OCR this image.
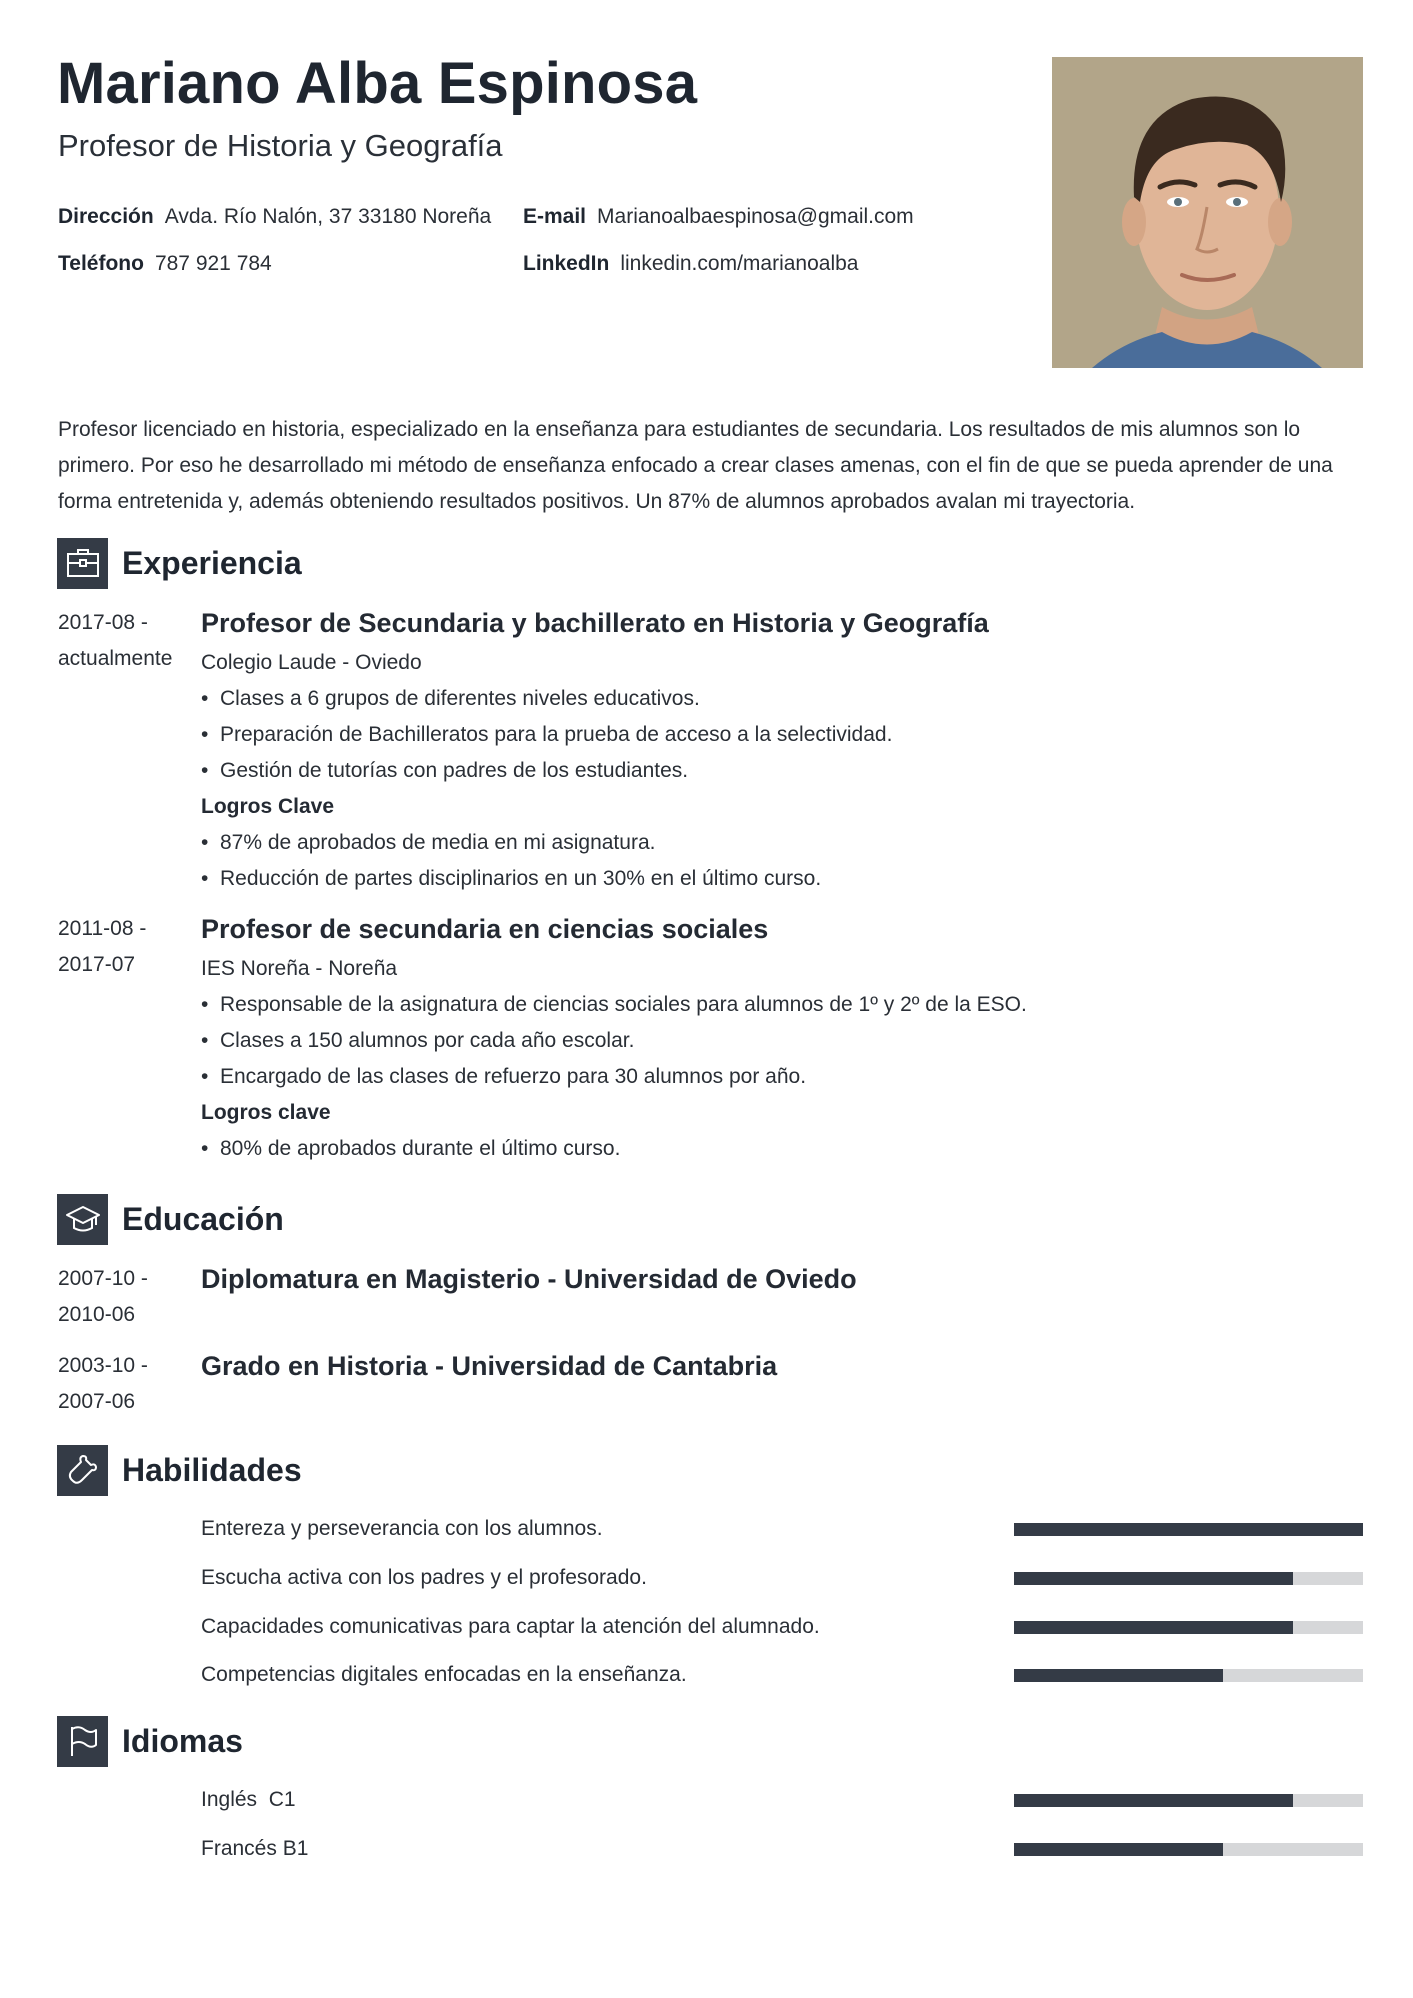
Mariano Alba Espinosa
Profesor de Historia y Geografía
Dirección Avda. Río Nalón, 37 33180 Noreña E-mail Marianoalbaespinosa@gmail.com
Teléfono 787 921 784	LinkedIn linkedin.com/marianoalba

Profesor licenciado en historia, especializado en la enseñanza para estudiantes de secundaria. Los resultados de mis alumnos son lo primero. Por eso he desarrollado mi método de enseñanza enfocado a crear clases amenas, con el fin de que se pueda aprender de una forma entretenida y, además obteniendo resultados positivos. Un 87% de alumnos aprobados avalan mi trayectoria.

Experiencia
2017-08 -
actualmente
Profesor de Secundaria y bachillerato en Historia y Geografía
Colegio Laude - Oviedo
• Clases a 6 grupos de diferentes niveles educativos.
• Preparación de Bachilleratos para la prueba de acceso a la selectividad.
• Gestión de tutorías con padres de los estudiantes.
Logros Clave
• 87% de aprobados de media en mi asignatura.
• Reducción de partes disciplinarios en un 30% en el último curso.
2011-08 -
2017-07
Profesor de secundaria en ciencias sociales
IES Noreña - Noreña
• Responsable de la asignatura de ciencias sociales para alumnos de 1º y 2º de la ESO.
• Clases a 150 alumnos por cada año escolar.
• Encargado de las clases de refuerzo para 30 alumnos por año.
Logros clave
• 80% de aprobados durante el último curso.
Educación
2007-10 -
2010-06
Diplomatura en Magisterio - Universidad de Oviedo
2003-10 -
2007-06
Grado en Historia - Universidad de Cantabria
Habilidades
Entereza y perseverancia con los alumnos.
Escucha activa con los padres y el profesorado.
Capacidades comunicativas para captar la atención del alumnado.
Competencias digitales enfocadas en la enseñanza.
Idiomas
Inglés  C1
Francés B1
